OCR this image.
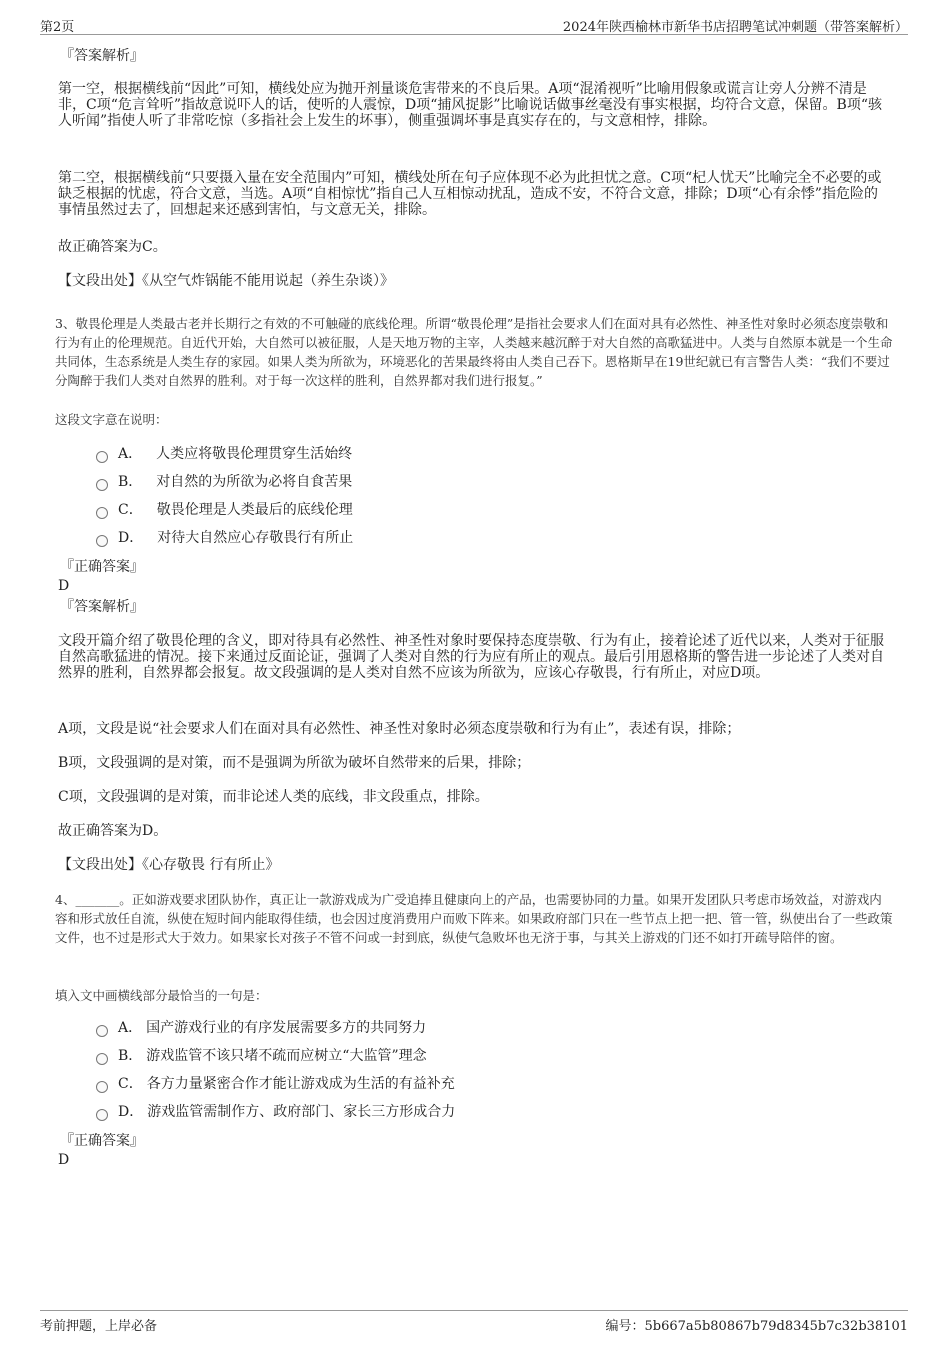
第2页	2024年陕西榆林市新华书店招聘笔试冲刺题（带答案解析）
『答案解析』

第一空，根据横线前“因此”可知，横线处应为抛开剂量谈危害带来的不良后果。A项“混淆视听”比喻用假象或谎言让旁人分辨不清是非，C项“危言耸听”指故意说吓人的话，使听的人震惊，D项“捕风捉影”比喻说话做事丝毫没有事实根据，均符合文意，保留。B项“骇人听闻”指使人听了非常吃惊（多指社会上发生的坏事），侧重强调坏事是真实存在的，与文意相悖，排除。

第二空，根据横线前“只要摄入量在安全范围内”可知，横线处所在句子应体现不必为此担忧之意。C项“杞人忧天”比喻完全不必要的或缺乏根据的忧虑，符合文意，当选。A项“自相惊忧”指自己人互相惊动扰乱，造成不安，不符合文意，排除；D项“心有余悸”指危险的事情虽然过去了，回想起来还感到害怕，与文意无关，排除。

故正确答案为C。
【文段出处】《从空气炸锅能不能用说起（养生杂谈）》

3、敬畏伦理是人类最古老并长期行之有效的不可触碰的底线伦理。所谓“敬畏伦理”是指社会要求人们在面对具有必然性、神圣性对象时必须态度崇敬和行为有止的伦理规范。自近代开始，大自然可以被征服，人是天地万物的主宰，人类越来越沉醉于对大自然的高歌猛进中。人类与自然原本就是一个生命共同体，生态系统是人类生存的家园。如果人类为所欲为，环境恶化的苦果最终将由人类自己吞下。恩格斯早在19世纪就已有言警告人类：“我们不要过分陶醉于我们人类对自然界的胜利。对于每一次这样的胜利，自然界都对我们进行报复。”

这段文字意在说明：
A． 人类应将敬畏伦理贯穿生活始终
B． 对自然的为所欲为必将自食苦果
C． 敬畏伦理是人类最后的底线伦理
D． 对待大自然应心存敬畏行有所止
『正确答案』
D
『答案解析』

文段开篇介绍了敬畏伦理的含义，即对待具有必然性、神圣性对象时要保持态度崇敬、行为有止，接着论述了近代以来，人类对于征服自然高歌猛进的情况。接下来通过反面论证，强调了人类对自然的行为应有所止的观点。最后引用恩格斯的警告进一步论述了人类对自然界的胜利，自然界都会报复。故文段强调的是人类对自然不应该为所欲为，应该心存敬畏，行有所止，对应D项。

A项，文段是说“社会要求人们在面对具有必然性、神圣性对象时必须态度崇敬和行为有止”，表述有误，排除；

B项，文段强调的是对策，而不是强调为所欲为破坏自然带来的后果，排除；

C项，文段强调的是对策，而非论述人类的底线，非文段重点，排除。

故正确答案为D。
【文段出处】《心存敬畏 行有所止》

4、_______。正如游戏要求团队协作，真正让一款游戏成为广受追捧且健康向上的产品，也需要协同的力量。如果开发团队只考虑市场效益，对游戏内容和形式放任自流，纵使在短时间内能取得佳绩，也会因过度消费用户而败下阵来。如果政府部门只在一些节点上把一把、管一管，纵使出台了一些政策文件，也不过是形式大于效力。如果家长对孩子不管不问或一封到底，纵使气急败坏也无济于事，与其关上游戏的门还不如打开疏导陪伴的窗。

填入文中画横线部分最恰当的一句是：
A． 国产游戏行业的有序发展需要多方的共同努力
B． 游戏监管不该只堵不疏而应树立“大监管”理念
C． 各方力量紧密合作才能让游戏成为生活的有益补充
D． 游戏监管需制作方、政府部门、家长三方形成合力
『正确答案』
D
考前押题，上岸必备	编号：5b667a5b80867b79d8345b7c32b38101
